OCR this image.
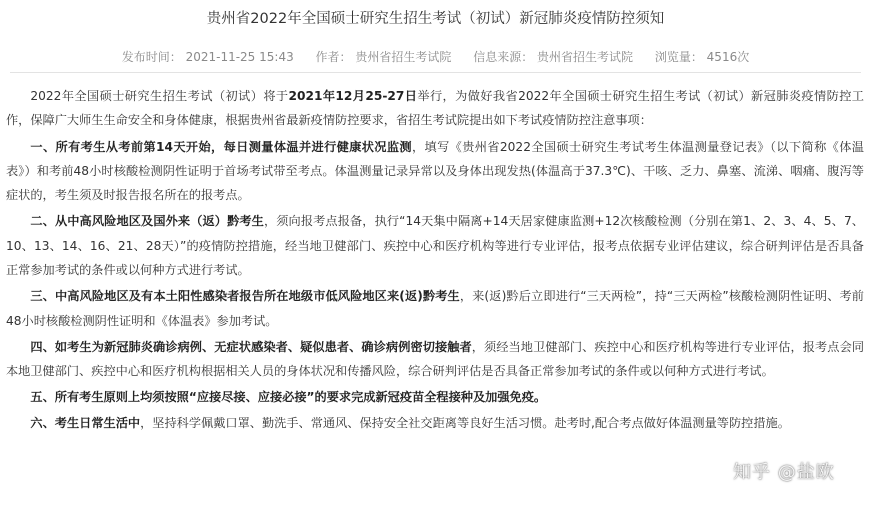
贵州省2022年全国硕士研究生招生考试（初试）新冠肺炎疫情防控须知
发布时间： 2021-11-25 15:43 作者： 贵州省招生考试院 信息来源： 贵州省招生考试院 浏览量： 4516次

2022年全国硕士研究生招生考试（初试）将于2021年12月25-27日举行，为做好我省2022年全国硕士研究生招生考试（初试）新冠肺炎疫情防控工作，保障广大师生生命安全和身体健康，根据贵州省最新疫情防控要求，省招生考试院提出如下考试疫情防控注意事项：

一、所有考生从考前第14天开始，每日测量体温并进行健康状况监测，填写《贵州省2022全国硕士研究生考试考生体温测量登记表》（以下简称《体温表》）和考前48小时核酸检测阴性证明于首场考试带至考点。体温测量记录异常以及身体出现发热(体温高于37.3℃)、干咳、乏力、鼻塞、流涕、咽痛、腹泻等症状的，考生须及时报告报名所在的报考点。

二、从中高风险地区及国外来（返）黔考生，须向报考点报备，执行“14天集中隔离+14天居家健康监测+12次核酸检测（分别在第1、2、3、4、5、7、10、13、14、16、21、28天）”的疫情防控措施，经当地卫健部门、疾控中心和医疗机构等进行专业评估，报考点依据专业评估建议，综合研判评估是否具备正常参加考试的条件或以何种方式进行考试。

三、中高风险地区及有本土阳性感染者报告所在地级市低风险地区来(返)黔考生，来(返)黔后立即进行“三天两检”，持“三天两检”核酸检测阴性证明、考前48小时核酸检测阴性证明和《体温表》参加考试。

四、如考生为新冠肺炎确诊病例、无症状感染者、疑似患者、确诊病例密切接触者，须经当地卫健部门、疾控中心和医疗机构等进行专业评估，报考点会同本地卫健部门、疾控中心和医疗机构根据相关人员的身体状况和传播风险，综合研判评估是否具备正常参加考试的条件或以何种方式进行考试。

五、所有考生原则上均须按照“应接尽接、应接必接”的要求完成新冠疫苗全程接种及加强免疫。

六、考生日常生活中，坚持科学佩戴口罩、勤洗手、常通风、保持安全社交距离等良好生活习惯。赴考时,配合考点做好体温测量等防控措施。

知乎 @盐欧
